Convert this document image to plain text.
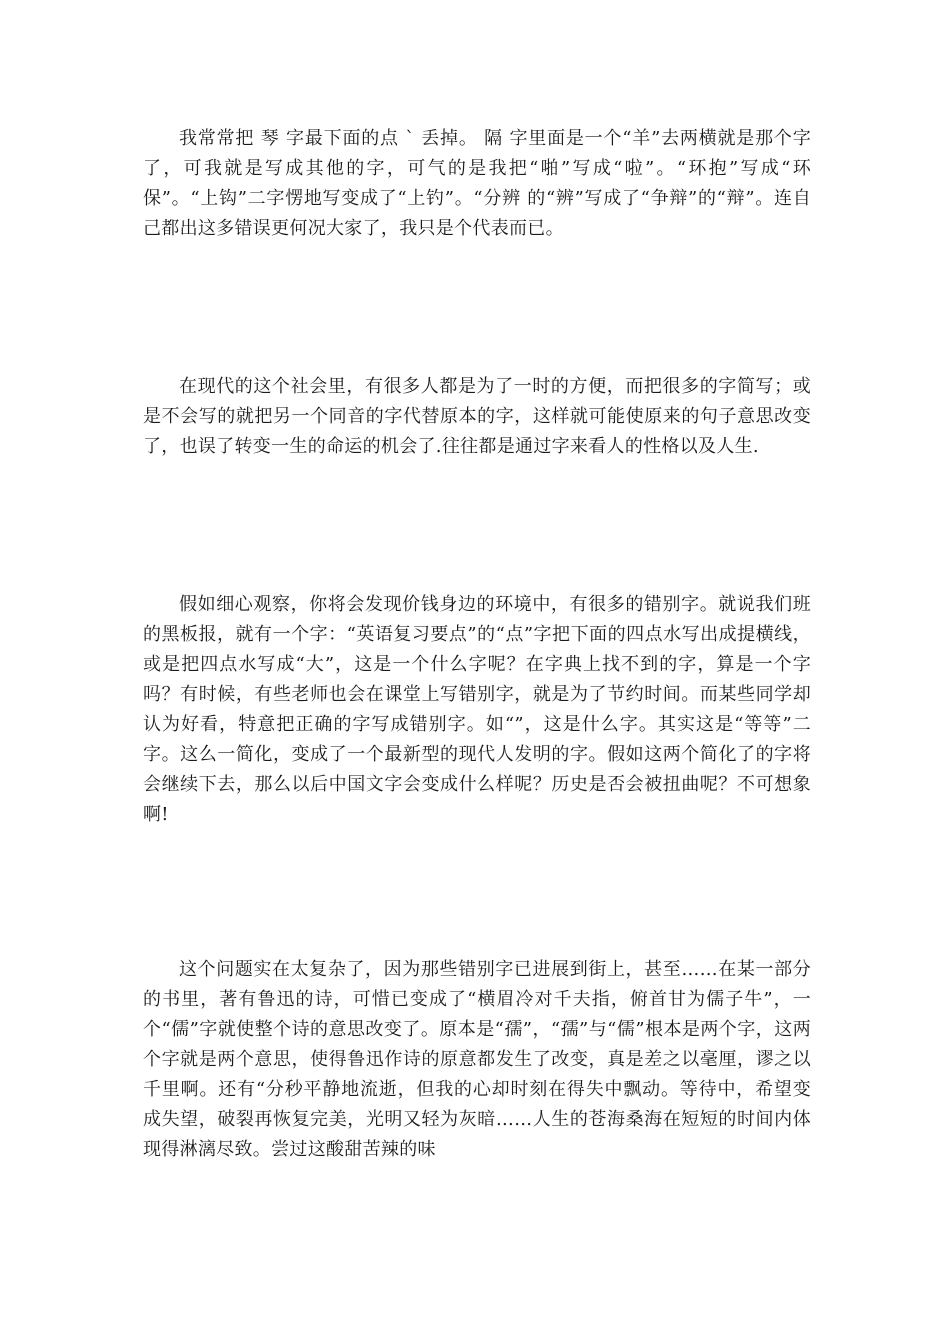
我常常把 琴 字最下面的点 ` 丢掉。 隔 字里面是一个“羊”去两横就是那个字了，可我就是写成其他的字，可气的是我把“啪”写成“啦”。“环抱”写成“环保”。“上钩”二字愣地写变成了“上钓”。“分辨 的“辨”写成了“争辩”的“辩”。连自己都出这多错误更何况大家了，我只是个代表而已。

在现代的这个社会里，有很多人都是为了一时的方便，而把很多的字简写；或是不会写的就把另一个同音的字代替原本的字，这样就可能使原来的句子意思改变了，也误了转变一生的命运的机会了.往往都是通过字来看人的性格以及人生.

假如细心观察，你将会发现价钱身边的环境中，有很多的错别字。就说我们班的黑板报，就有一个字：“英语复习要点”的“点”字把下面的四点水写出成提横线，或是把四点水写成“大”，这是一个什么字呢？在字典上找不到的字，算是一个字吗？有时候，有些老师也会在课堂上写错别字，就是为了节约时间。而某些同学却认为好看，特意把正确的字写成错别字。如“”，这是什么字。其实这是“等等”二字。这么一简化，变成了一个最新型的现代人发明的字。假如这两个简化了的字将会继续下去，那么以后中国文字会变成什么样呢？历史是否会被扭曲呢？不可想象啊!

这个问题实在太复杂了，因为那些错别字已进展到街上，甚至……在某一部分的书里，著有鲁迅的诗，可惜已变成了“横眉冷对千夫指，俯首甘为儒子牛”，一个“儒”字就使整个诗的意思改变了。原本是“孺”，“孺”与“儒”根本是两个字，这两个字就是两个意思，使得鲁迅作诗的原意都发生了改变，真是差之以毫厘，谬之以千里啊。还有“分秒平静地流逝，但我的心却时刻在得失中飘动。等待中，希望变成失望，破裂再恢复完美，光明又轻为灰暗……人生的苍海桑海在短短的时间内体现得淋漓尽致。尝过这酸甜苦辣的味
